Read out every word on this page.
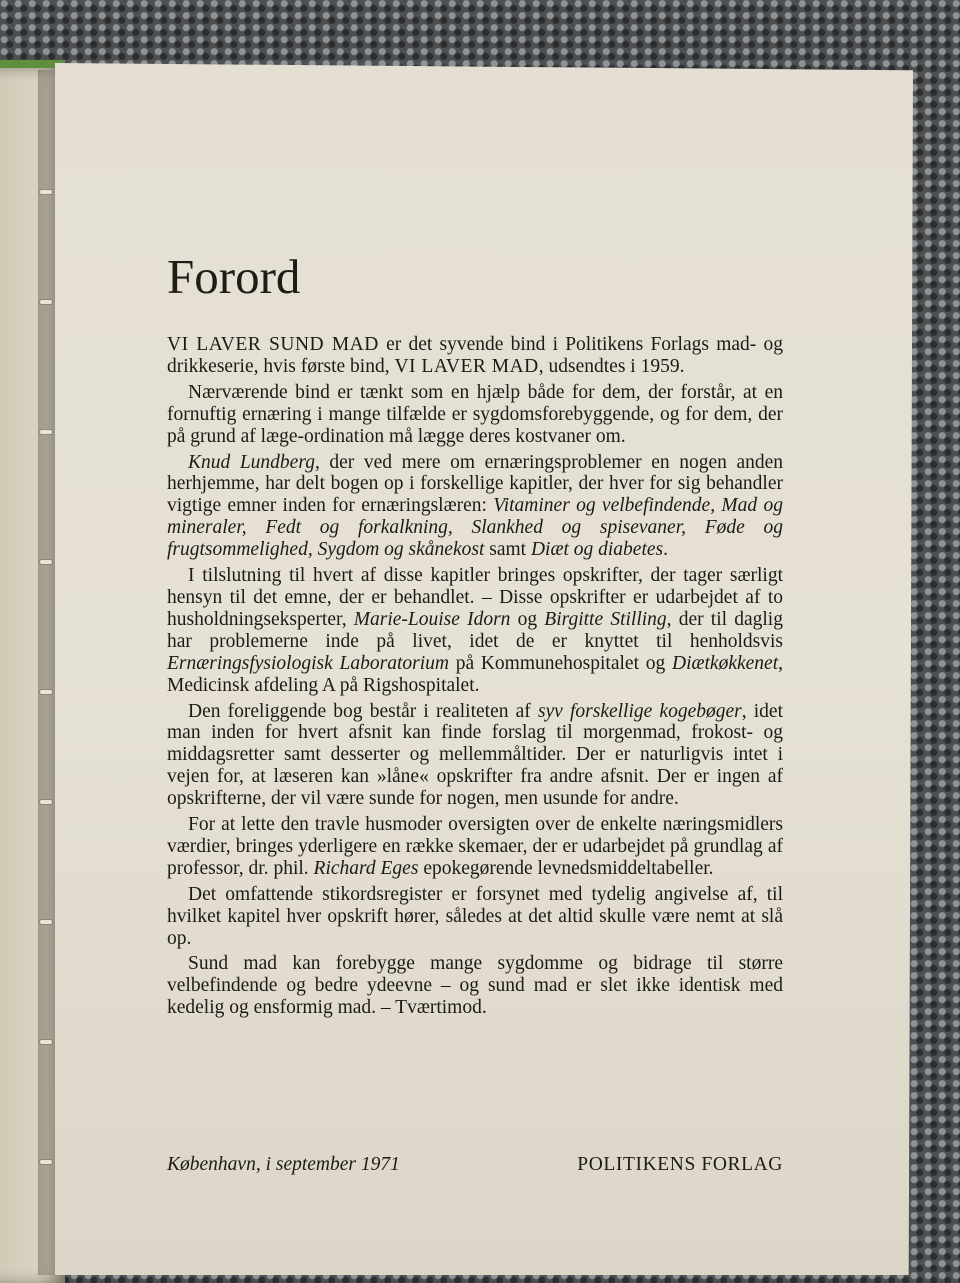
Forord

VI LAVER SUND MAD er det syvende bind i Politikens Forlags mad- og drikkeserie, hvis første bind, VI LAVER MAD, udsendtes i 1959.

Nærværende bind er tænkt som en hjælp både for dem, der forstår, at en fornuftig ernæring i mange tilfælde er sygdomsforebyggende, og for dem, der på grund af læge-ordination må lægge deres kostvaner om.

Knud Lundberg, der ved mere om ernæringsproblemer en nogen anden herhjemme, har delt bogen op i forskellige kapitler, der hver for sig behandler vigtige emner inden for ernæringslæren: Vitaminer og velbefindende, Mad og mineraler, Fedt og forkalkning, Slankhed og spisevaner, Føde og frugtsommelighed, Sygdom og skånekost samt Diæt og diabetes.

I tilslutning til hvert af disse kapitler bringes opskrifter, der tager særligt hensyn til det emne, der er behandlet. – Disse opskrifter er udarbejdet af to husholdningseksperter, Marie-Louise Idorn og Birgitte Stilling, der til daglig har problemerne inde på livet, idet de er knyttet til henholdsvis Ernæringsfysiologisk Laboratorium på Kommunehospitalet og Diætkøkkenet, Medicinsk afdeling A på Rigshospitalet.

Den foreliggende bog består i realiteten af syv forskellige kogebøger, idet man inden for hvert afsnit kan finde forslag til morgenmad, frokost- og middagsretter samt desserter og mellemmåltider. Der er naturligvis intet i vejen for, at læseren kan »låne« opskrifter fra andre afsnit. Der er ingen af opskrifterne, der vil være sunde for nogen, men usunde for andre.

For at lette den travle husmoder oversigten over de enkelte næringsmidlers værdier, bringes yderligere en række skemaer, der er udarbejdet på grundlag af professor, dr. phil. Richard Eges epokegørende levnedsmiddeltabeller.

Det omfattende stikordsregister er forsynet med tydelig angivelse af, til hvilket kapitel hver opskrift hører, således at det altid skulle være nemt at slå op.

Sund mad kan forebygge mange sygdomme og bidrage til større velbefindende og bedre ydeevne – og sund mad er slet ikke identisk med kedelig og ensformig mad. – Tværtimod.

København, i september 1971	POLITIKENS FORLAG
